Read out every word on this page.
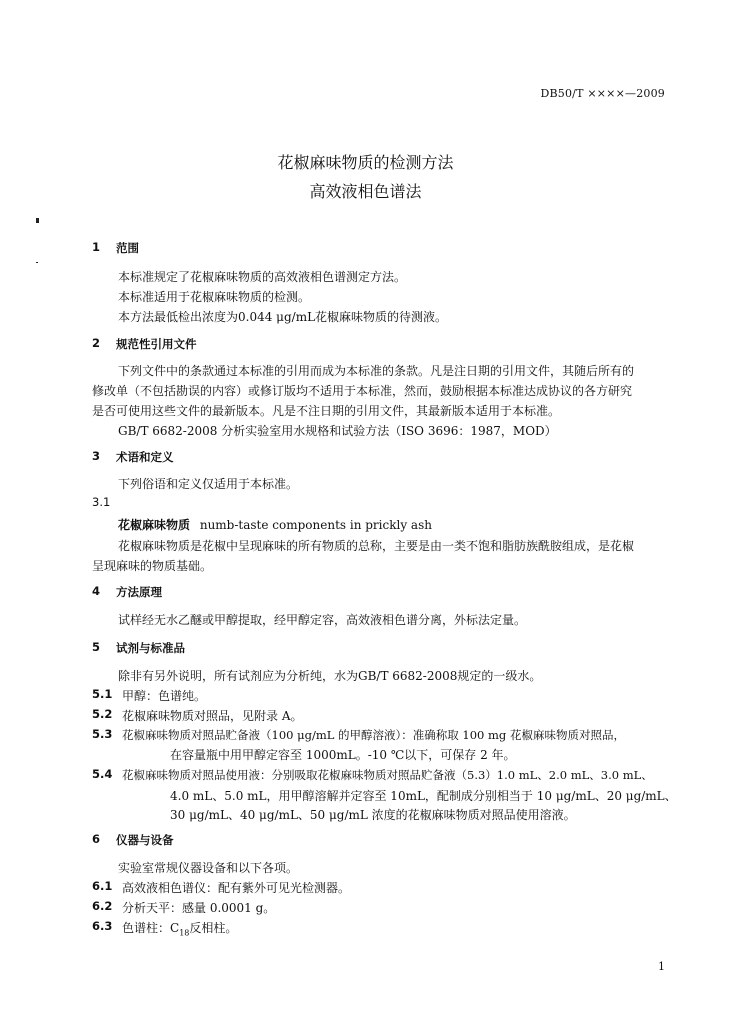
DB50/T ××××—2009
花椒麻味物质的检测方法
高效液相色谱法
1 范围
本标准规定了花椒麻味物质的高效液相色谱测定方法。
本标准适用于花椒麻味物质的检测。
本方法最低检出浓度为0.044 μg/mL花椒麻味物质的待测液。
2 规范性引用文件
下列文件中的条款通过本标准的引用而成为本标准的条款。凡是注日期的引用文件，其随后所有的
修改单（不包括勘误的内容）或修订版均不适用于本标准，然而，鼓励根据本标准达成协议的各方研究
是否可使用这些文件的最新版本。凡是不注日期的引用文件，其最新版本适用于本标准。
GB/T 6682-2008 分析实验室用水规格和试验方法（ISO 3696：1987，MOD）
3 术语和定义
下列俗语和定义仅适用于本标准。
3.1
花椒麻味物质 numb-taste components in prickly ash
花椒麻味物质是花椒中呈现麻味的所有物质的总称，主要是由一类不饱和脂肪族酰胺组成，是花椒
呈现麻味的物质基础。
4 方法原理
试样经无水乙醚或甲醇提取，经甲醇定容，高效液相色谱分离，外标法定量。
5 试剂与标准品
除非有另外说明，所有试剂应为分析纯，水为GB/T 6682-2008规定的一级水。
5.1 甲醇：色谱纯。
5.2 花椒麻味物质对照品，见附录 A。
5.3 花椒麻味物质对照品贮备液（100 μg/mL 的甲醇溶液）：准确称取 100 mg 花椒麻味物质对照品，
在容量瓶中用甲醇定容至 1000mL。-10 ℃以下，可保存 2 年。
5.4 花椒麻味物质对照品使用液：分别吸取花椒麻味物质对照品贮备液（5.3）1.0 mL、2.0 mL、3.0 mL、
4.0 mL、5.0 mL，用甲醇溶解并定容至 10mL，配制成分别相当于 10 μg/mL、20 μg/mL、
30 μg/mL、40 μg/mL、50 μg/mL 浓度的花椒麻味物质对照品使用溶液。
6 仪器与设备
实验室常规仪器设备和以下各项。
6.1 高效液相色谱仪：配有紫外可见光检测器。
6.2 分析天平：感量 0.0001 g。
6.3 色谱柱：$C_{18}$反相柱。
1
